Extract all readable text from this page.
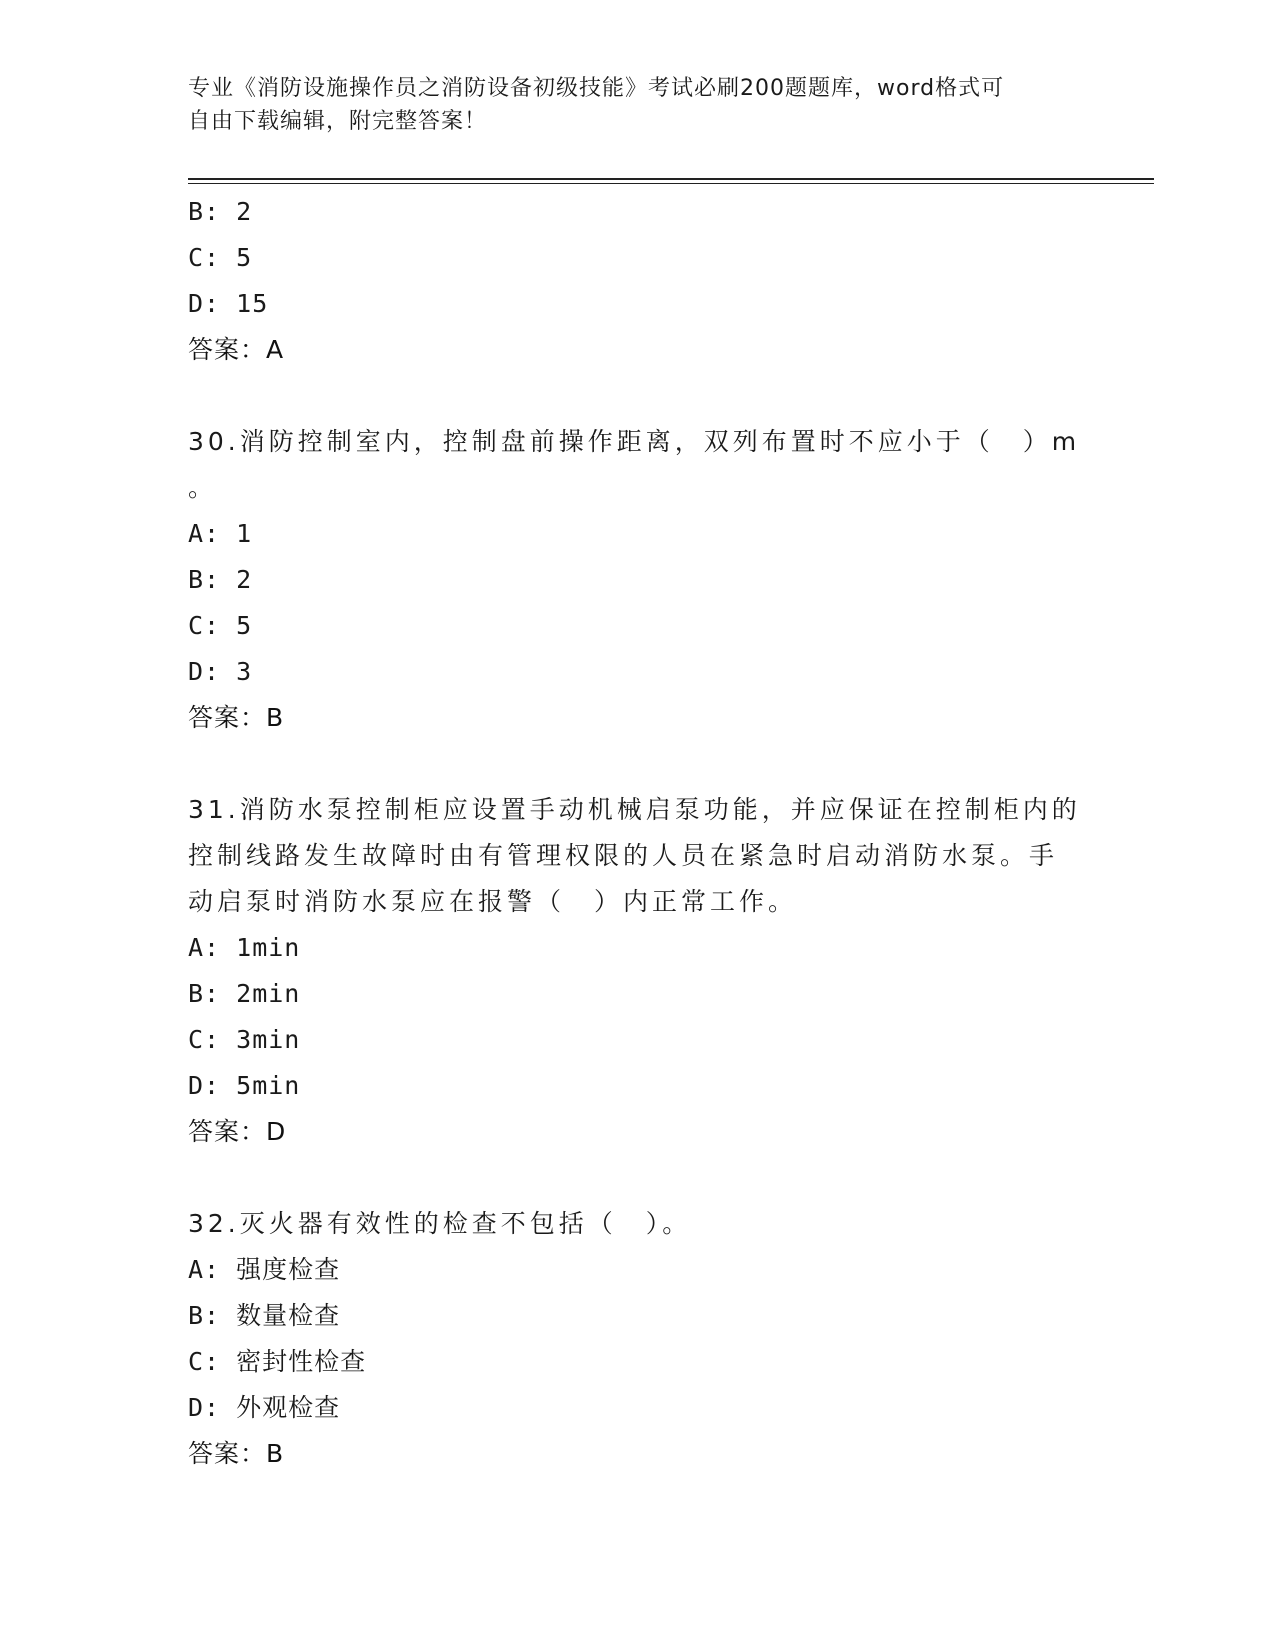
专业《消防设施操作员之消防设备初级技能》考试必刷200题题库，word格式可
自由下载编辑，附完整答案！
B: 2
C: 5
D: 15
答案：A
30.消防控制室内，控制盘前操作距离，双列布置时不应小于（　）m
。
A: 1
B: 2
C: 5
D: 3
答案：B
31.消防水泵控制柜应设置手动机械启泵功能，并应保证在控制柜内的
控制线路发生故障时由有管理权限的人员在紧急时启动消防水泵。手
动启泵时消防水泵应在报警（　）内正常工作。
A: 1min
B: 2min
C: 3min
D: 5min
答案：D
32.灭火器有效性的检查不包括（　）。
A: 强度检查
B: 数量检查
C: 密封性检查
D: 外观检查
答案：B
